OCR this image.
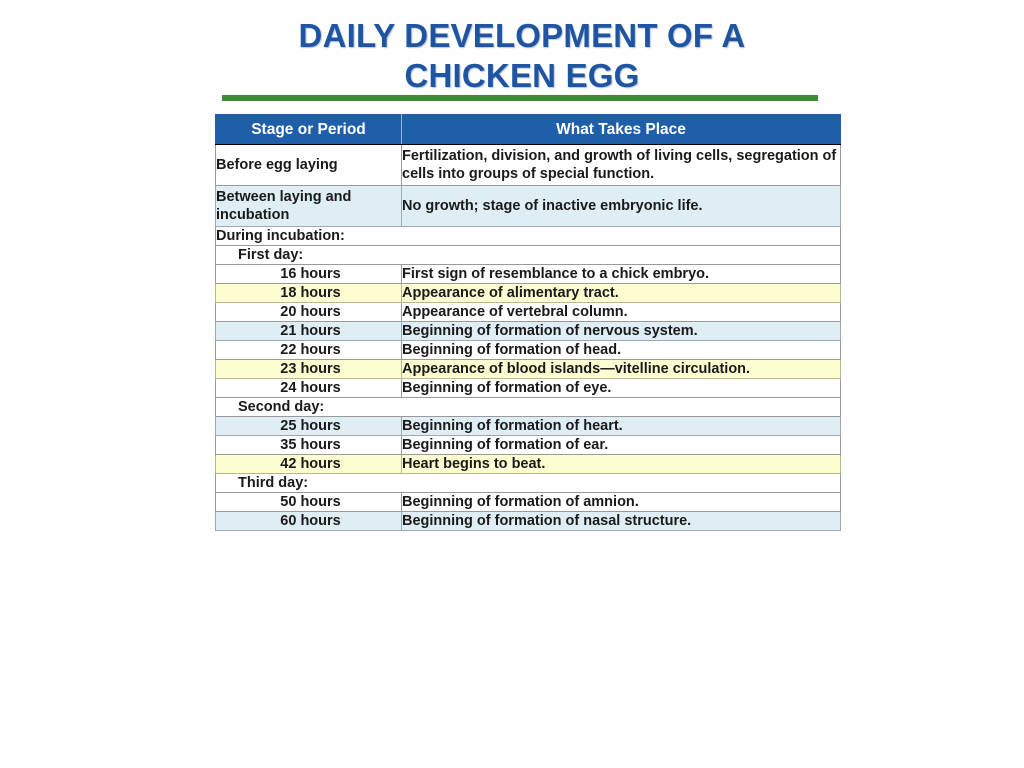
DAILY DEVELOPMENT OF A
CHICKEN EGG
Stage or Period	What Takes Place
Before egg laying	Fertilization, division, and growth of living cells, segregation of cells into groups of special function.
Between laying and incubation	No growth; stage of inactive embryonic life.
During incubation:	
First day:	
16 hours	First sign of resemblance to a chick embryo.
18 hours	Appearance of alimentary tract.
20 hours	Appearance of vertebral column.
21 hours	Beginning of formation of nervous system.
22 hours	Beginning of formation of head.
23 hours	Appearance of blood islands—vitelline circulation.
24 hours	Beginning of formation of eye.
Second day:	
25 hours	Beginning of formation of heart.
35 hours	Beginning of formation of ear.
42 hours	Heart begins to beat.
Third day:	
50 hours	Beginning of formation of amnion.
60 hours	Beginning of formation of nasal structure.
